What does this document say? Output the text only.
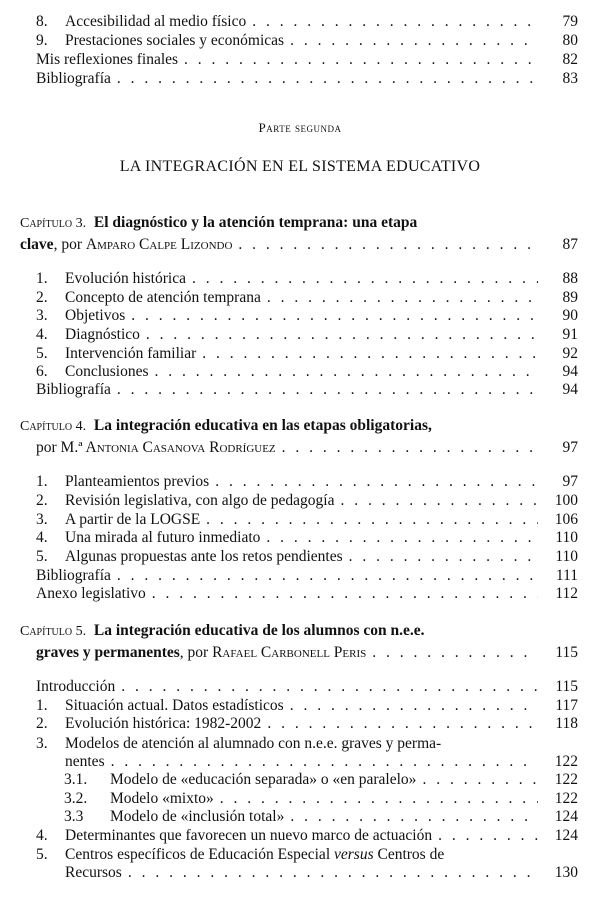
8.	Accesibilidad al medio físico . . .	79
9.	Prestaciones sociales y económicas . . .	80
Mis reflexiones finales . . .	82
Bibliografía . . .	83
Parte segunda
LA INTEGRACIÓN EN EL SISTEMA EDUCATIVO
Capítulo 3.
El diagnóstico y la atención temprana: una etapa
clave , por
Amparo Calpe Lizondo . . .	87
1.	Evolución histórica . . .	88
2.	Concepto de atención temprana . . .	89
3.	Objetivos . . .	90
4.	Diagnóstico . . .	91
5.	Intervención familiar . . .	92
6.	Conclusiones . . .	94
Bibliografía . . .	94
Capítulo 4.
La integración educativa en las etapas obligatorias,
por
M.ª Antonia Casanova Rodríguez . . .	97
1.	Planteamientos previos . . .	97
2.	Revisión legislativa, con algo de pedagogía . . .	100
3.	A partir de la LOGSE . . .	106
4.	Una mirada al futuro inmediato . . .	110
5.	Algunas propuestas ante los retos pendientes . . .	110
Bibliografía . . .	111
Anexo legislativo . . .	112
Capítulo 5.
La integración educativa de los alumnos con n.e.e.
graves y permanentes , por
Rafael Carbonell Peris . . .	115
Introducción . . .	115
1.	Situación actual. Datos estadísticos . . .	117
2.	Evolución histórica: 1982-2002 . . .	118
3.	Modelos de atención al alumnado con n.e.e. graves y perma-
nentes . . .	122
3.1.	Modelo de «educación separada» o «en paralelo» . . .	122
3.2.	Modelo «mixto» . . .	122
3.3	Modelo de «inclusión total» . . .	124
4.	Determinantes que favorecen un nuevo marco de actuación . . .	124
5.	Centros específicos de Educación Especial versus Centros de
Recursos . . .	130
